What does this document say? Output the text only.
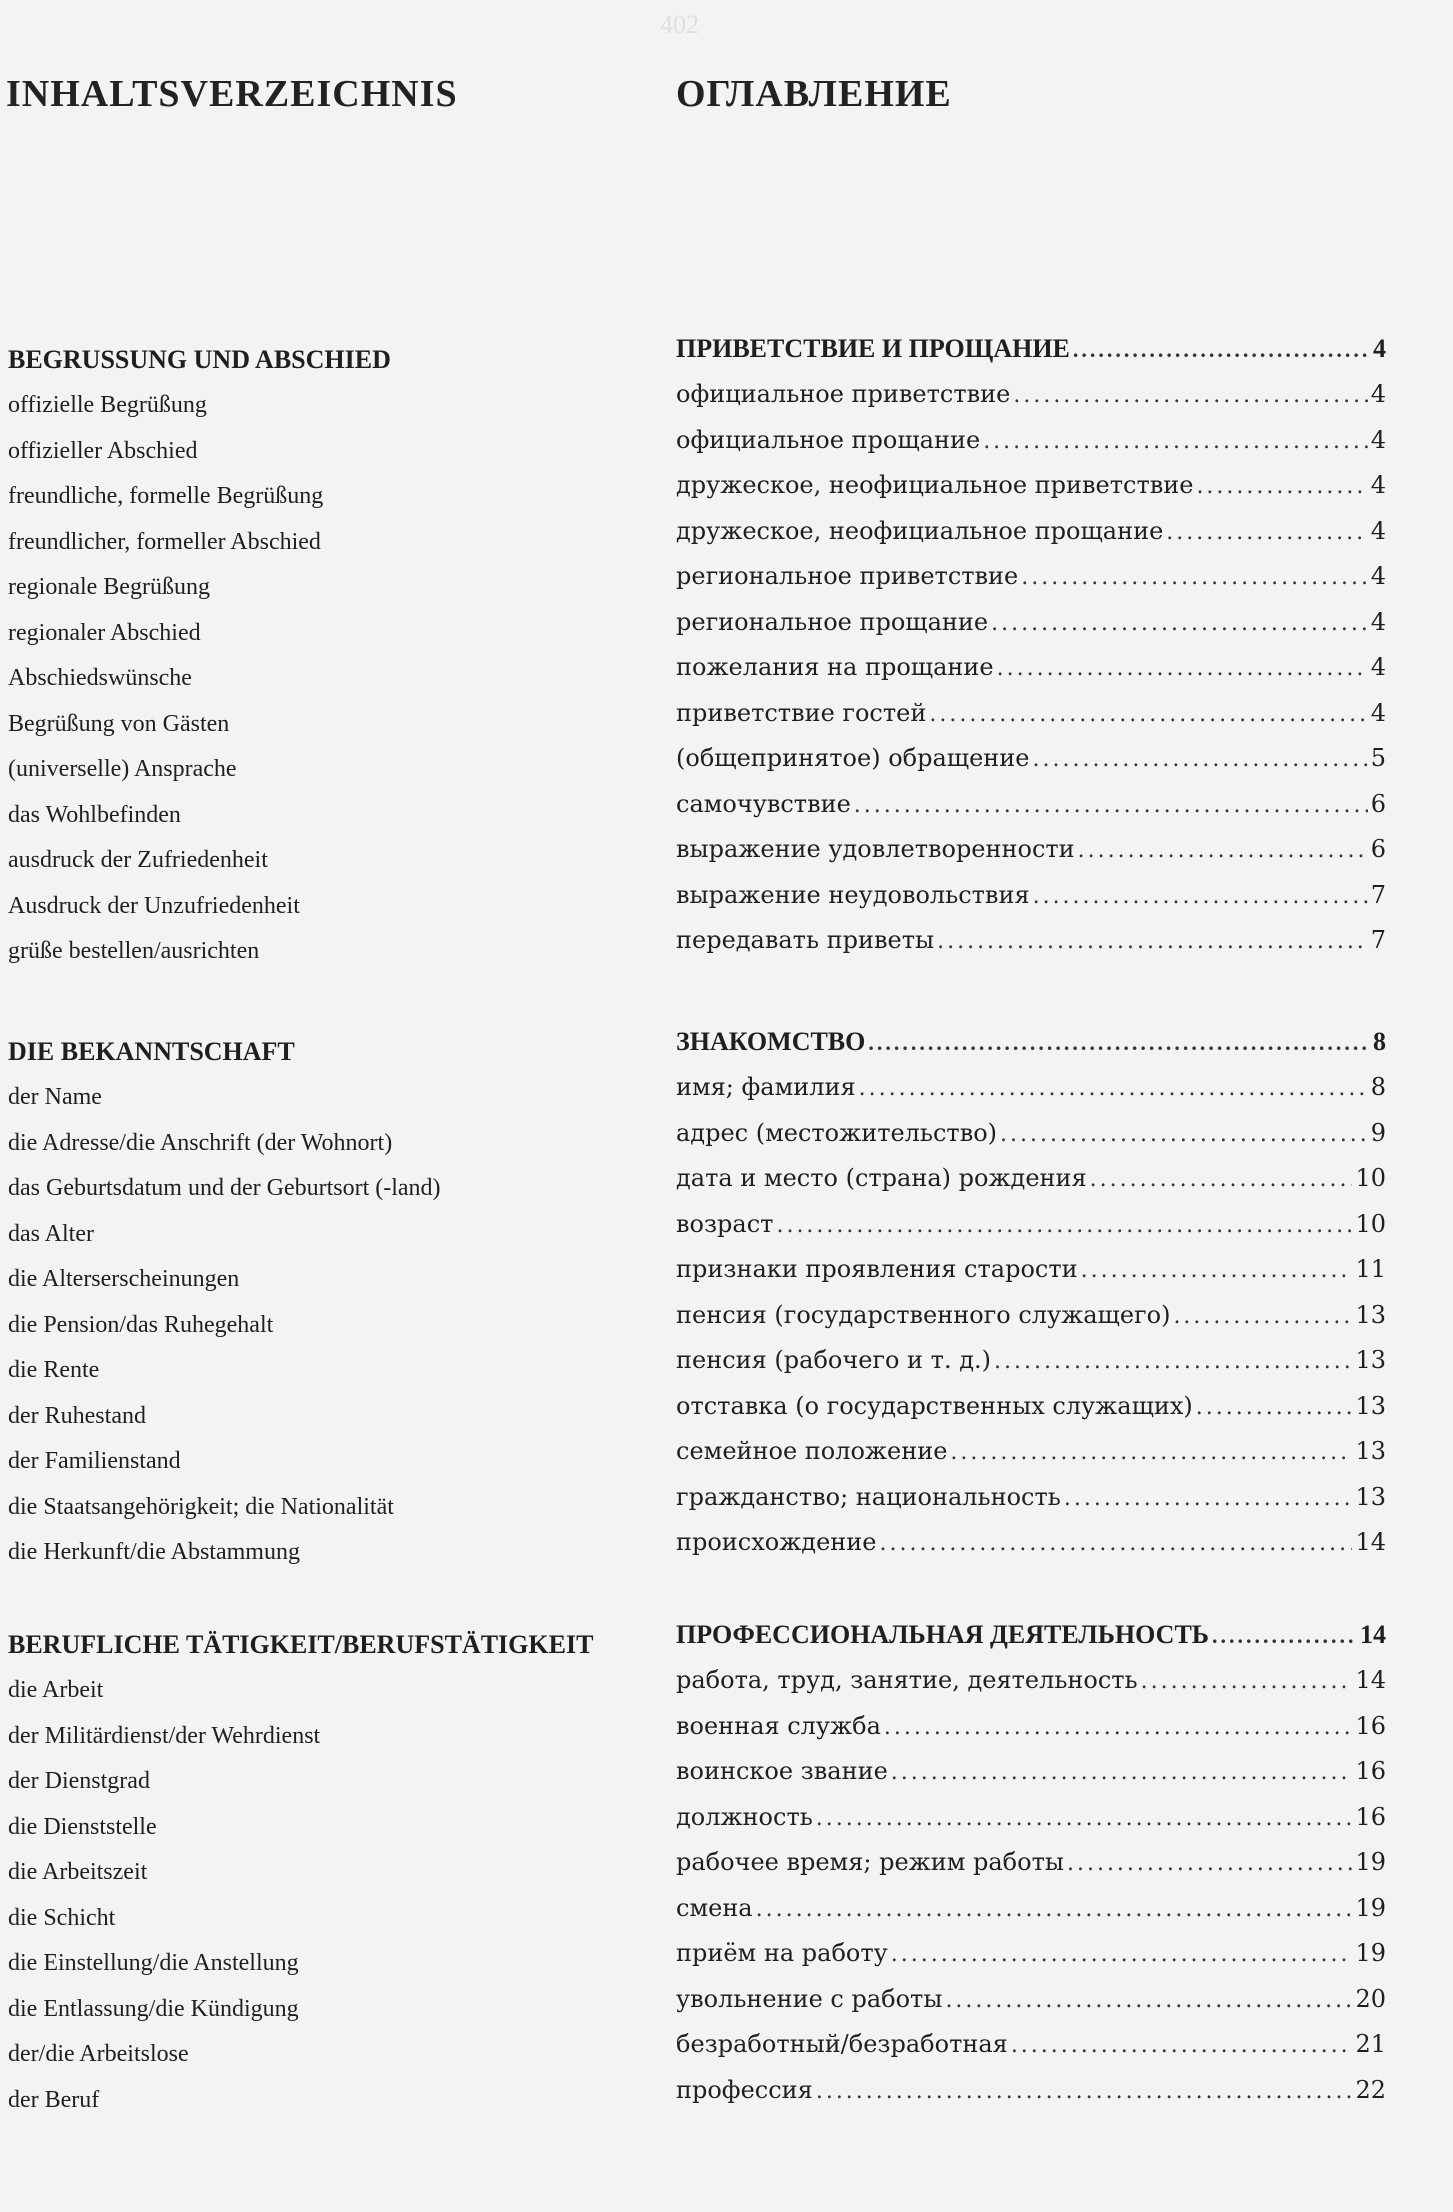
402
INHALTSVERZEICHNIS
BEGRUSSUNG UND ABSCHIED
offizielle Begrüßung
offizieller Abschied
freundliche, formelle Begrüßung
freundlicher, formeller Abschied
regionale Begrüßung
regionaler Abschied
Abschiedswünsche
Begrüßung von Gästen
(universelle) Ansprache
das Wohlbefinden
ausdruck der Zufriedenheit
Ausdruck der Unzufriedenheit
grüße bestellen/ausrichten
DIE BEKANNTSCHAFT
der Name
die Adresse/die Anschrift (der Wohnort)
das Geburtsdatum und der Geburtsort (-land)
das Alter
die Alterserscheinungen
die Pension/das Ruhegehalt
die Rente
der Ruhestand
der Familienstand
die Staatsangehörigkeit; die Nationalität
die Herkunft/die Abstammung
BERUFLICHE TÄTIGKEIT/BERUFSTÄTIGKEIT
die Arbeit
der Militärdienst/der Wehrdienst
der Dienstgrad
die Dienststelle
die Arbeitszeit
die Schicht
die Einstellung/die Anstellung
die Entlassung/die Kündigung
der/die Arbeitslose
der Beruf
ОГЛАВЛЕНИЕ
ПРИВЕТСТВИЕ И ПРОЩАНИЕ .....	4
официальное приветствие .....	4
официальное прощание .....	4
дружеское, неофициальное приветствие .....	4
дружеское, неофициальное прощание .....	4
региональное приветствие .....	4
региональное прощание .....	4
пожелания на прощание .....	4
приветствие гостей .....	4
(общепринятое) обращение .....	5
самочувствие .....	6
выражение удовлетворенности .....	6
выражение неудовольствия .....	7
передавать приветы .....	7
ЗНАКОМСТВО .....	8
имя; фамилия .....	8
адрес (местожительство) .....	9
дата и место (страна) рождения .....	10
возраст .....	10
признаки проявления старости .....	11
пенсия (государственного служащего) .....	13
пенсия (рабочего и т. д.) .....	13
отставка (о государственных служащих) .....	13
семейное положение .....	13
гражданство; национальность .....	13
происхождение .....	14
ПРОФЕССИОНАЛЬНАЯ ДЕЯТЕЛЬНОСТЬ .....	14
работа, труд, занятие, деятельность .....	14
военная служба .....	16
воинское звание .....	16
должность .....	16
рабочее время; режим работы .....	19
смена .....	19
приём на работу .....	19
увольнение с работы .....	20
безработный/безработная .....	21
профессия .....	22
